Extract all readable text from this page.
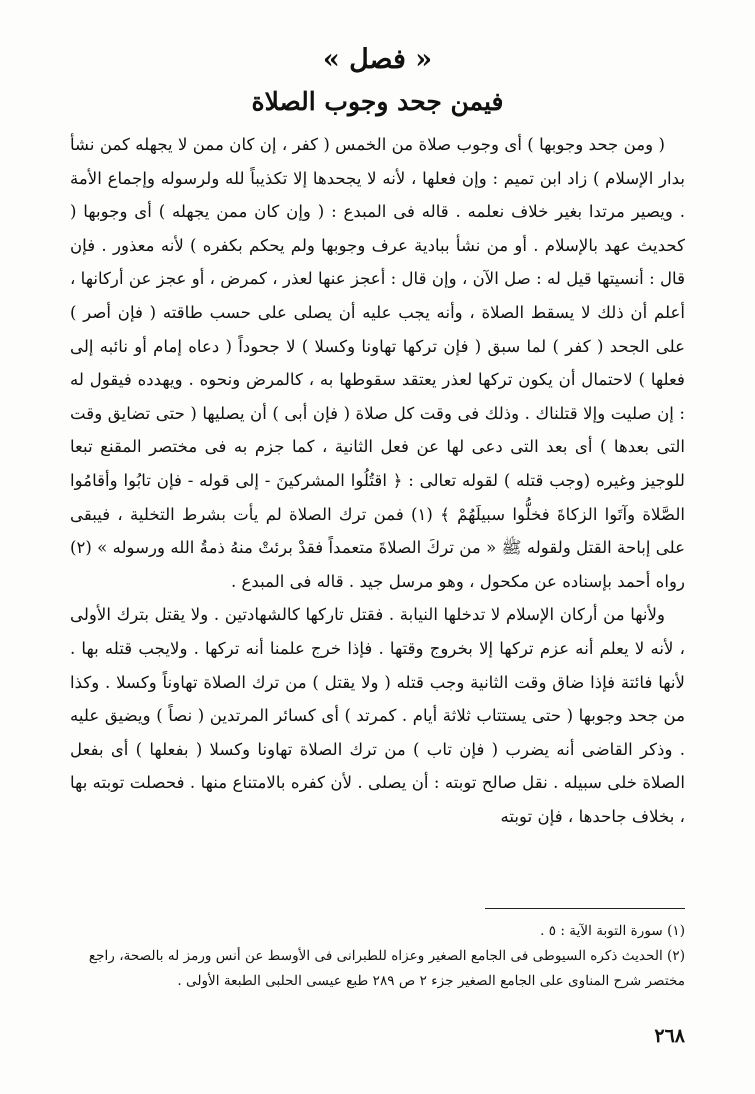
« فصل »
فيمن جحد وجوب الصلاة

( ومن جحد وجوبها ) أى وجوب صلاة من الخمس ( كفر ، إن كان ممن لا يجهله كمن نشأ بدار الإسلام ) زاد ابن تميم : وإن فعلها ، لأنه لا يجحدها إلا تكذيباً لله ولرسوله وإجماع الأمة . ويصير مرتدا بغير خلاف نعلمه . قاله فى المبدع : ( وإن كان ممن يجهله ) أى وجوبها ( كحديث عهد بالإسلام . أو من نشأ ببادية عرف وجوبها ولم يحكم بكفره ) لأنه معذور . فإن قال : أنسيتها قيل له : صل الآن ، وإن قال : أعجز عنها لعذر ، كمرض ، أو عجز عن أركانها ، أعلم أن ذلك لا يسقط الصلاة ، وأنه يجب عليه أن يصلى على حسب طاقته ( فإن أصر ) على الجحد ( كفر ) لما سبق ( فإن تركها تهاونا وكسلا ) لا جحوداً ( دعاه إمام أو نائبه إلى فعلها ) لاحتمال أن يكون تركها لعذر يعتقد سقوطها به ، كالمرض ونحوه . ويهدده فيقول له : إن صليت وإلا قتلناك . وذلك فى وقت كل صلاة ( فإن أبى ) أن يصليها ( حتى تضايق وقت التى بعدها ) أى بعد التى دعى لها عن فعل الثانية ، كما جزم به فى مختصر المقنع تبعا للوجيز وغيره (وجب قتله ) لقوله تعالى : ﴿ اقتُلُوا المشركينَ - إلى قوله - فإن تابُوا وأقامُوا الصَّلاة وآتَوا الزكاةَ فخلُّوا سبيلَهُمْ ﴾ (١) فمن ترك الصلاة لم يأت بشرط التخلية ، فيبقى على إباحة القتل ولقوله ﷺ « من تركَ الصلاةَ متعمداً فقدْ برئتْ منهُ ذمةُ الله ورسوله » (٢) رواه أحمد بإسناده عن مكحول ، وهو مرسل جيد . قاله فى المبدع .

ولأنها من أركان الإسلام لا تدخلها النيابة . فقتل تاركها كالشهادتين . ولا يقتل بترك الأولى ، لأنه لا يعلم أنه عزم تركها إلا بخروج وقتها . فإذا خرج علمنا أنه تركها . ولايجب قتله بها . لأنها فائتة فإذا ضاق وقت الثانية وجب قتله ( ولا يقتل ) من ترك الصلاة تهاوناً وكسلا . وكذا من جحد وجوبها ( حتى يستتاب ثلاثة أيام . كمرتد ) أى كسائر المرتدين ( نصاً ) ويضيق عليه . وذكر القاضى أنه يضرب ( فإن تاب ) من ترك الصلاة تهاونا وكسلا ( بفعلها ) أى بفعل الصلاة خلى سبيله . نقل صالح توبته : أن يصلى . لأن كفره بالامتناع منها . فحصلت توبته بها ، بخلاف جاحدها ، فإن توبته

(١) سورة التوبة الآية : ٥ .

(٢) الحديث ذكره السيوطى فى الجامع الصغير وعزاه للطبرانى فى الأوسط عن أنس ورمز له بالصحة، راجع مختصر شرح المناوى على الجامع الصغير جزء ٢ ص ٢٨٩ طبع عيسى الحلبى الطبعة الأولى .

٢٦٨
